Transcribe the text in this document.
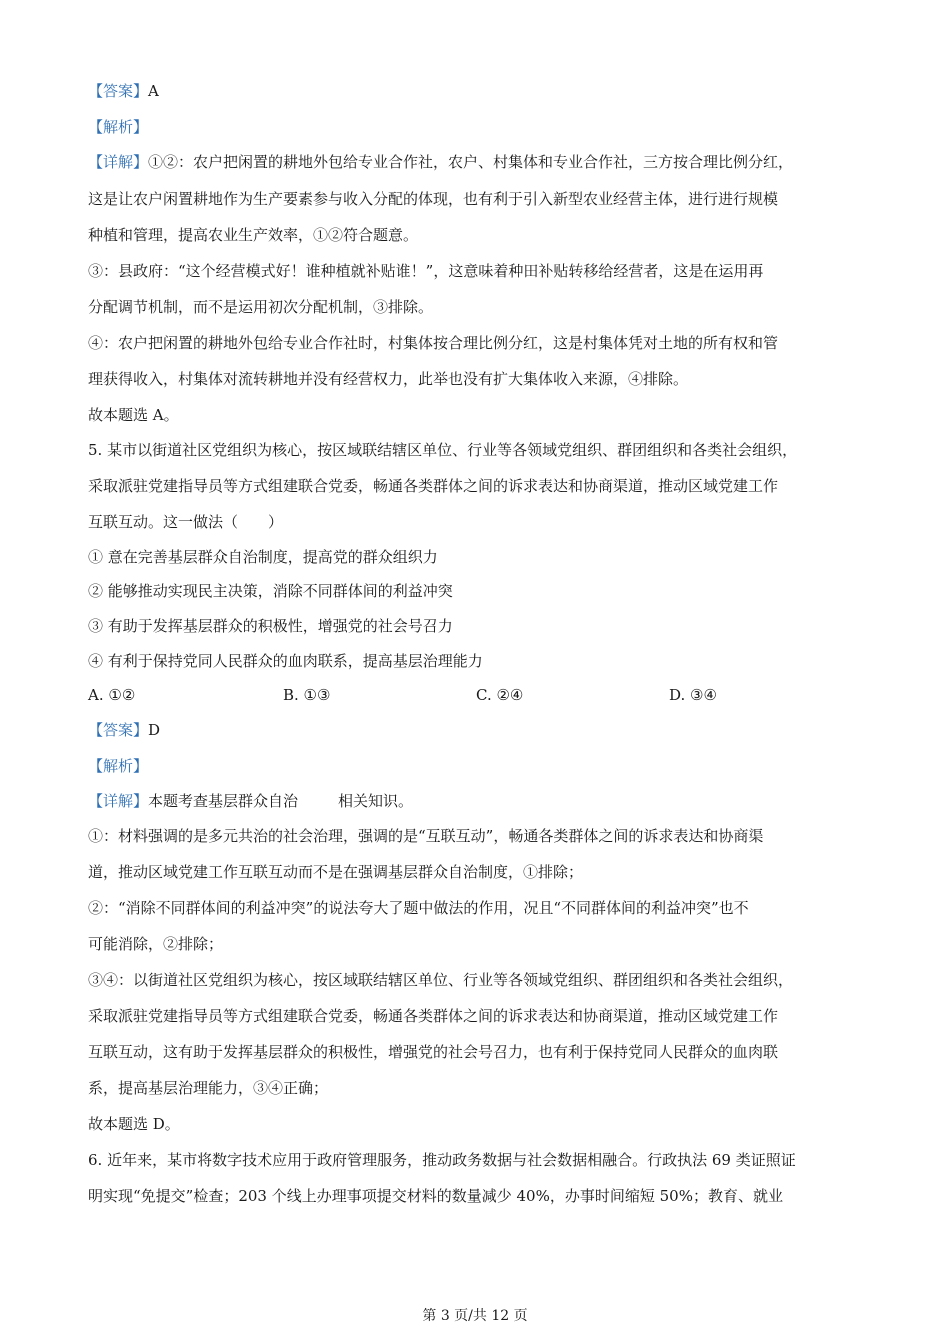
【答案】A
【解析】
【详解】①②：农户把闲置的耕地外包给专业合作社，农户、村集体和专业合作社，三方按合理比例分红，
这是让农户闲置耕地作为生产要素参与收入分配的体现，也有利于引入新型农业经营主体，进行进行规模
种植和管理，提高农业生产效率，①②符合题意。
③：县政府：“这个经营模式好！谁种植就补贴谁！”，这意味着种田补贴转移给经营者，这是在运用再
分配调节机制，而不是运用初次分配机制，③排除。
④：农户把闲置的耕地外包给专业合作社时，村集体按合理比例分红，这是村集体凭对土地的所有权和管
理获得收入，村集体对流转耕地并没有经营权力，此举也没有扩大集体收入来源，④排除。
故本题选 A。
5. 某市以街道社区党组织为核心，按区域联结辖区单位、行业等各领域党组织、群团组织和各类社会组织，
采取派驻党建指导员等方式组建联合党委，畅通各类群体之间的诉求表达和协商渠道，推动区域党建工作
互联互动。这一做法（　　）
① 意在完善基层群众自治制度，提高党的群众组织力
② 能够推动实现民主决策，消除不同群体间的利益冲突
③ 有助于发挥基层群众的积极性，增强党的社会号召力
④ 有利于保持党同人民群众的血肉联系，提高基层治理能力
A. ①②	B. ①③	C. ②④	D. ③④
【答案】D
【解析】
【详解】本题考查基层群众自治	相关知识。
①：材料强调的是多元共治的社会治理，强调的是“互联互动”，畅通各类群体之间的诉求表达和协商渠
道，推动区域党建工作互联互动而不是在强调基层群众自治制度，①排除；
②：“消除不同群体间的利益冲突”的说法夸大了题中做法的作用，况且“不同群体间的利益冲突”也不
可能消除，②排除；
③④：以街道社区党组织为核心，按区域联结辖区单位、行业等各领域党组织、群团组织和各类社会组织，
采取派驻党建指导员等方式组建联合党委，畅通各类群体之间的诉求表达和协商渠道，推动区域党建工作
互联互动，这有助于发挥基层群众的积极性，增强党的社会号召力，也有利于保持党同人民群众的血肉联
系，提高基层治理能力，③④正确；
故本题选 D。
6. 近年来，某市将数字技术应用于政府管理服务，推动政务数据与社会数据相融合。行政执法 69 类证照证
明实现“免提交”检查；203 个线上办理事项提交材料的数量减少 40%，办事时间缩短 50%；教育、就业
第 3 页/共 12 页
